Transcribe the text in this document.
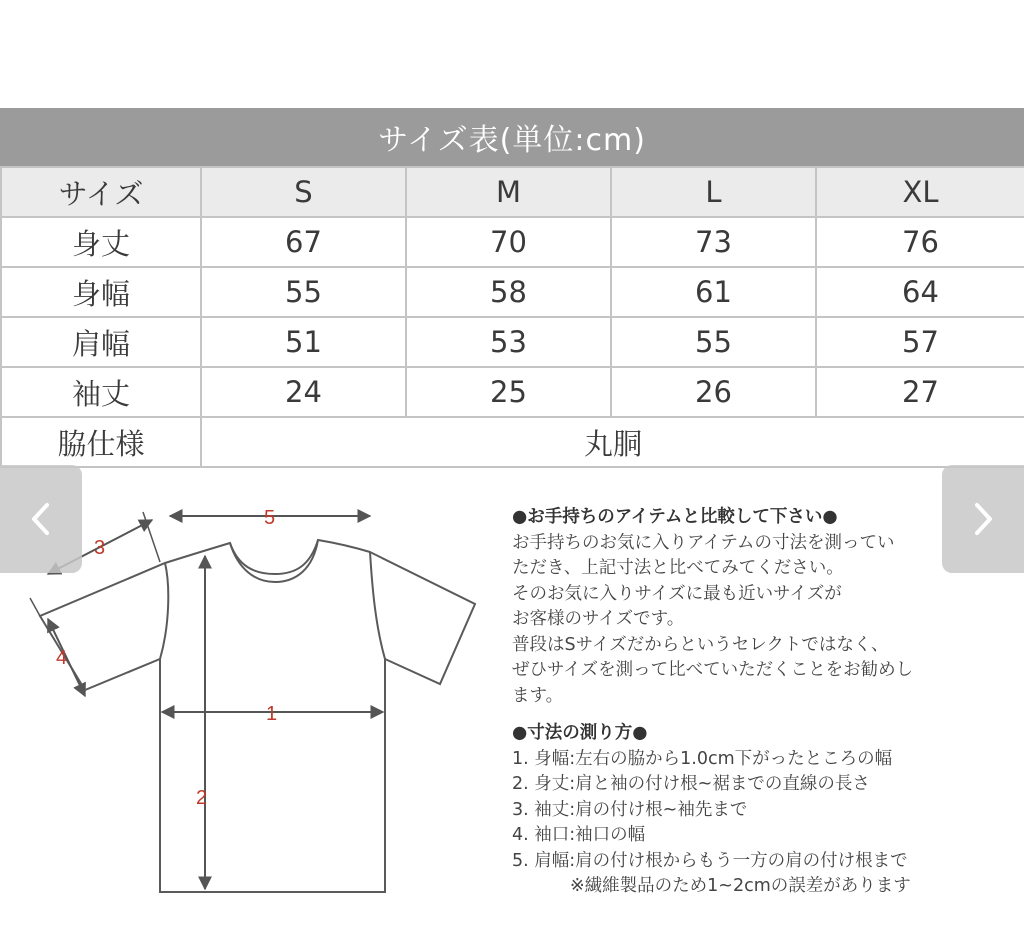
サイズ表(単位:cm)
サイズ	S	M	L	XL
身丈	67	70	73	76
身幅	55	58	61	64
肩幅	51	53	55	57
袖丈	24	25	26	27
脇仕様	丸胴			
5
1
2
3
4
●お手持ちのアイテムと比較して下さい●
お手持ちのお気に入りアイテムの寸法を測ってい
ただき、上記寸法と比べてみてください。
そのお気に入りサイズに最も近いサイズが
お客様のサイズです。
普段はSサイズだからというセレクトではなく、
ぜひサイズを測って比べていただくことをお勧めし
ます。
●寸法の測り方●
1. 身幅:左右の脇から1.0cm下がったところの幅
2. 身丈:肩と袖の付け根~裾までの直線の長さ
3. 袖丈:肩の付け根~袖先まで
4. 袖口:袖口の幅
5. 肩幅:肩の付け根からもう一方の肩の付け根まで
※繊維製品のため1~2cmの誤差があります
